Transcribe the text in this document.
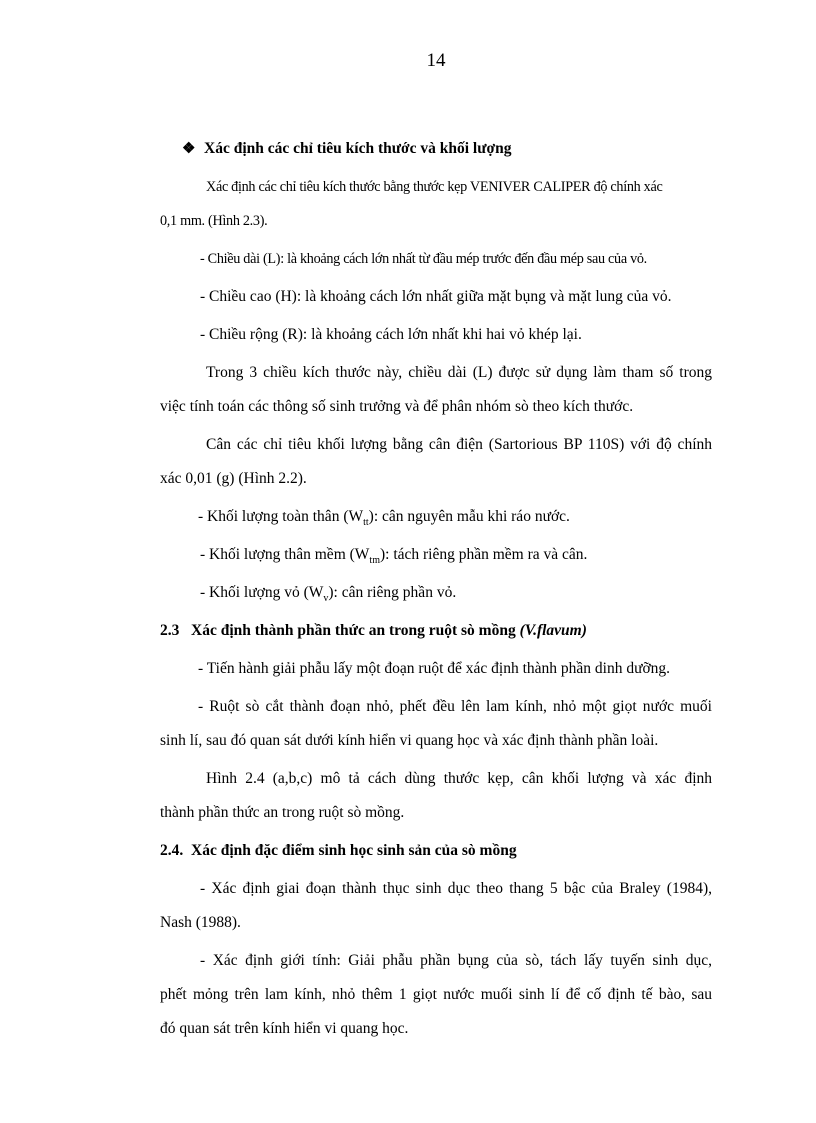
14

❖ Xác định các chỉ tiêu kích thước và khối lượng

Xác định các chỉ tiêu kích thước bằng thước kẹp VENIVER CALIPER độ chính xác

0,1 mm. (Hình 2.3).

- Chiều dài (L): là khoảng cách lớn nhất từ đầu mép trước đến đầu mép sau của vỏ.

- Chiều cao (H): là khoảng cách lớn nhất giữa mặt bụng và mặt lung của vỏ.

- Chiều rộng (R): là khoảng cách lớn nhất khi hai vỏ khép lại.

Trong 3 chiều kích thước này, chiều dài (L) được sử dụng làm tham số trong

việc tính toán các thông số sinh trưởng và để phân nhóm sò theo kích thước.

Cân các chỉ tiêu khối lượng bằng cân điện (Sartorious BP 110S) với độ chính

xác 0,01 (g) (Hình 2.2).

- Khối lượng toàn thân $(W_{tt})$: cân nguyên mẫu khi ráo nước.

- Khối lượng thân mềm $(W_{tm})$: tách riêng phần mềm ra và cân.

- Khối lượng vỏ $(W_v)$: cân riêng phần vỏ.

2.3 Xác định thành phần thức an trong ruột sò mồng (V.flavum)

- Tiến hành giải phẫu lấy một đoạn ruột để xác định thành phần dinh dưỡng.

- Ruột sò cắt thành đoạn nhỏ, phết đều lên lam kính, nhỏ một giọt nước muối

sinh lí, sau đó quan sát dưới kính hiển vi quang học và xác định thành phần loài.

Hình 2.4 (a,b,c) mô tả cách dùng thước kẹp, cân khối lượng và xác định

thành phần thức an trong ruột sò mồng.

2.4. Xác định đặc điểm sinh học sinh sản của sò mồng

- Xác định giai đoạn thành thục sinh dục theo thang 5 bậc của Braley (1984),

Nash (1988).

- Xác định giới tính: Giải phẫu phần bụng của sò, tách lấy tuyến sinh dục,

phết mỏng trên lam kính, nhỏ thêm 1 giọt nước muối sinh lí để cố định tế bào, sau

đó quan sát trên kính hiển vi quang học.
